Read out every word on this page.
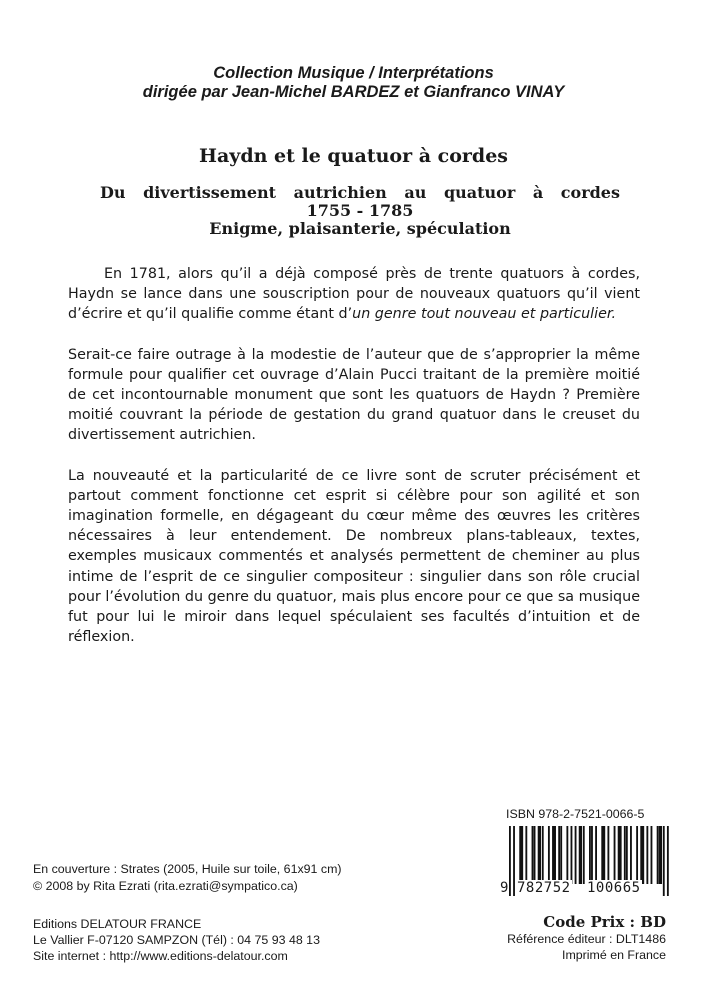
Collection Musique / Interprétations
dirigée par Jean-Michel BARDEZ et Gianfranco VINAY
Haydn et le quatuor à cordes
Du divertissement autrichien au quatuor à cordes
1755 - 1785
Enigme, plaisanterie, spéculation

En 1781, alors qu’il a déjà composé près de trente quatuors à cordes, Haydn se lance dans une souscription pour de nouveaux quatuors qu’il vient d’écrire et qu’il qualifie comme étant d’un genre tout nouveau et particulier.

Serait-ce faire outrage à la modestie de l’auteur que de s’approprier la même formule pour qualifier cet ouvrage d’Alain Pucci traitant de la première moitié de cet incontournable monument que sont les quatuors de Haydn ? Première moitié couvrant la période de gestation du grand quatuor dans le creuset du divertissement autrichien.

La nouveauté et la particularité de ce livre sont de scruter précisément et partout comment fonctionne cet esprit si célèbre pour son agilité et son imagination formelle, en dégageant du cœur même des œuvres les critères nécessaires à leur entendement. De nombreux plans-tableaux, textes, exemples musicaux commentés et analysés permettent de cheminer au plus intime de l’esprit de ce singulier compositeur : singulier dans son rôle crucial pour l’évolution du genre du quatuor, mais plus encore pour ce que sa musique fut pour lui le miroir dans lequel spéculaient ses facultés d’intuition et de réflexion.

En couverture : Strates (2005, Huile sur toile, 61x91 cm)
© 2008 by Rita Ezrati (rita.ezrati@sympatico.ca)
Editions DELATOUR FRANCE
Le Vallier F-07120 SAMPZON (Tél) : 04 75 93 48 13
Site internet : http://www.editions-delatour.com
ISBN 978-2-7521-0066-5
9 782752 100665
Code Prix : BD
Référence éditeur : DLT1486
Imprimé en France
